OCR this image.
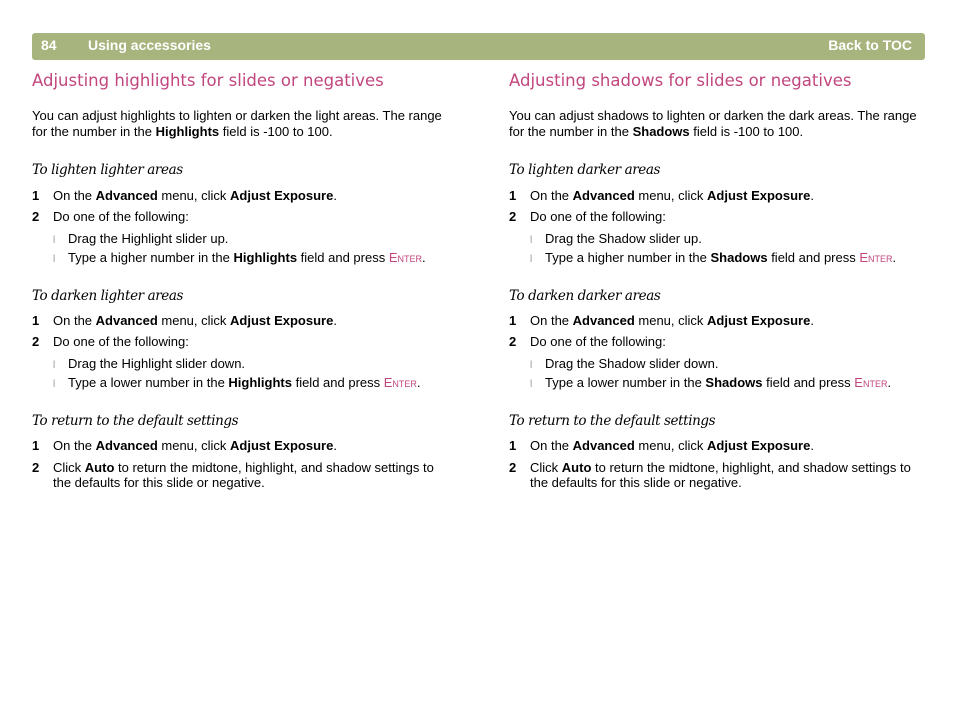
84 Using accessories	Back to TOC
Adjusting highlights for slides or negatives

You can adjust highlights to lighten or darken the light areas. The range for the number in the Highlights field is -100 to 100.

To lighten lighter areas
1 On the Advanced menu, click Adjust Exposure.
2 Do one of the following:
l Drag the Highlight slider up.
l Type a higher number in the Highlights field and press Enter.
To darken lighter areas
1 On the Advanced menu, click Adjust Exposure.
2 Do one of the following:
l Drag the Highlight slider down.
l Type a lower number in the Highlights field and press Enter.
To return to the default settings
1 On the Advanced menu, click Adjust Exposure.
2 Click Auto to return the midtone, highlight, and shadow settings to the defaults for this slide or negative.
Adjusting shadows for slides or negatives

You can adjust shadows to lighten or darken the dark areas. The range for the number in the Shadows field is -100 to 100.

To lighten darker areas
1 On the Advanced menu, click Adjust Exposure.
2 Do one of the following:
l Drag the Shadow slider up.
l Type a higher number in the Shadows field and press Enter.
To darken darker areas
1 On the Advanced menu, click Adjust Exposure.
2 Do one of the following:
l Drag the Shadow slider down.
l Type a lower number in the Shadows field and press Enter.
To return to the default settings
1 On the Advanced menu, click Adjust Exposure.
2 Click Auto to return the midtone, highlight, and shadow settings to the defaults for this slide or negative.
